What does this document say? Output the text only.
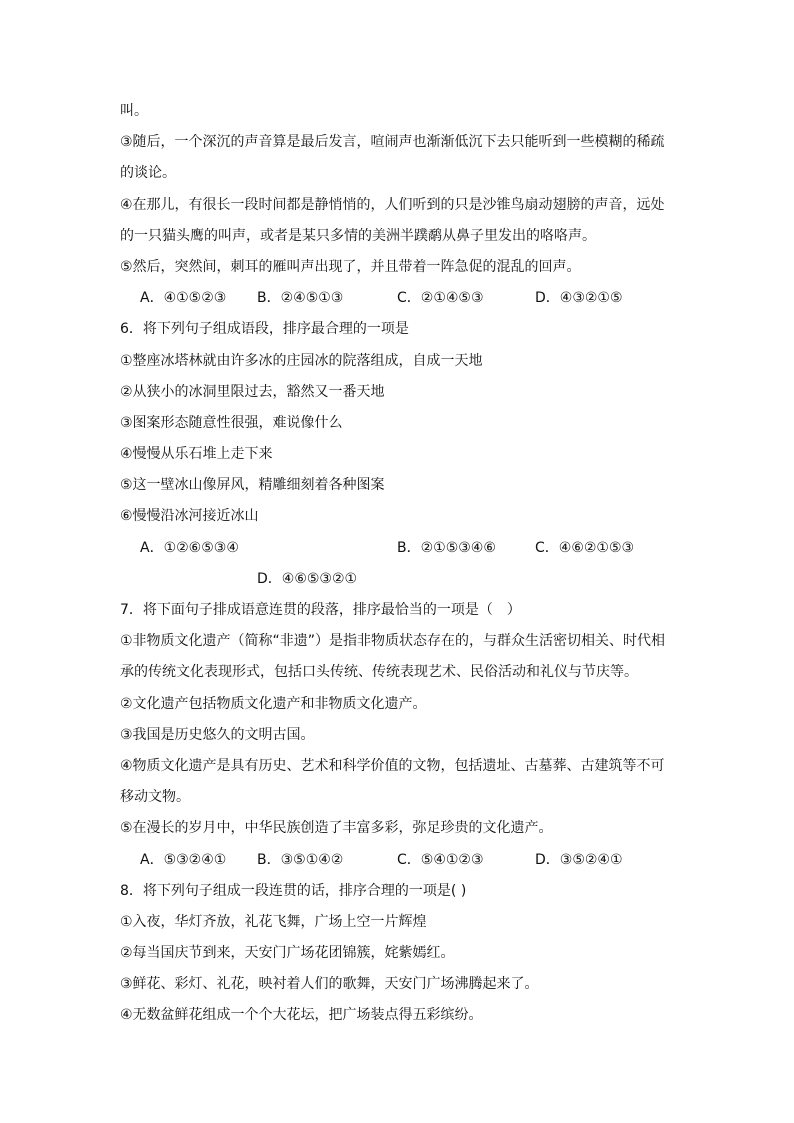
叫。
③随后，一个深沉的声音算是最后发言，喧闹声也渐渐低沉下去只能听到一些模糊的稀疏
的谈论。
④在那儿，有很长一段时间都是静悄悄的，人们听到的只是沙锥鸟扇动翅膀的声音，远处
的一只猫头鹰的叫声，或者是某只多情的美洲半蹼鹬从鼻子里发出的咯咯声。
⑤然后，突然间，刺耳的雁叫声出现了，并且带着一阵急促的混乱的回声。
A．④①⑤②③ B．②④⑤①③	C．②①④⑤③	D．④③②①⑤
6．将下列句子组成语段，排序最合理的一项是
①整座冰塔林就由许多冰的庄园冰的院落组成，自成一天地
②从狭小的冰洞里限过去，豁然又一番天地
③图案形态随意性很强，难说像什么
④慢慢从乐石堆上走下来
⑤这一壁冰山像屏风，精雕细刻着各种图案
⑥慢慢沿冰河接近冰山
A．①②⑥⑤③④	B．②①⑤③④⑥	C．④⑥②①⑤③
D．④⑥⑤③②①
7．将下面句子排成语意连贯的段落，排序最恰当的一项是（　）
①非物质文化遗产（简称“非遗”）是指非物质状态存在的，与群众生活密切相关、时代相
承的传统文化表现形式，包括口头传统、传统表现艺术、民俗活动和礼仪与节庆等。
②文化遗产包括物质文化遗产和非物质文化遗产。
③我国是历史悠久的文明古国。
④物质文化遗产是具有历史、艺术和科学价值的文物，包括遗址、古墓葬、古建筑等不可
移动文物。
⑤在漫长的岁月中，中华民族创造了丰富多彩，弥足珍贵的文化遗产。
A．⑤③②④① B．③⑤①④②	C．⑤④①②③	D．③⑤②④①
8．将下列句子组成一段连贯的话，排序合理的一项是( )
①入夜，华灯齐放，礼花飞舞，广场上空一片辉煌
②每当国庆节到来，天安门广场花团锦簇，姹紫嫣红。
③鲜花、彩灯、礼花，映衬着人们的歌舞，天安门广场沸腾起来了。
④无数盆鲜花组成一个个大花坛，把广场装点得五彩缤纷。
